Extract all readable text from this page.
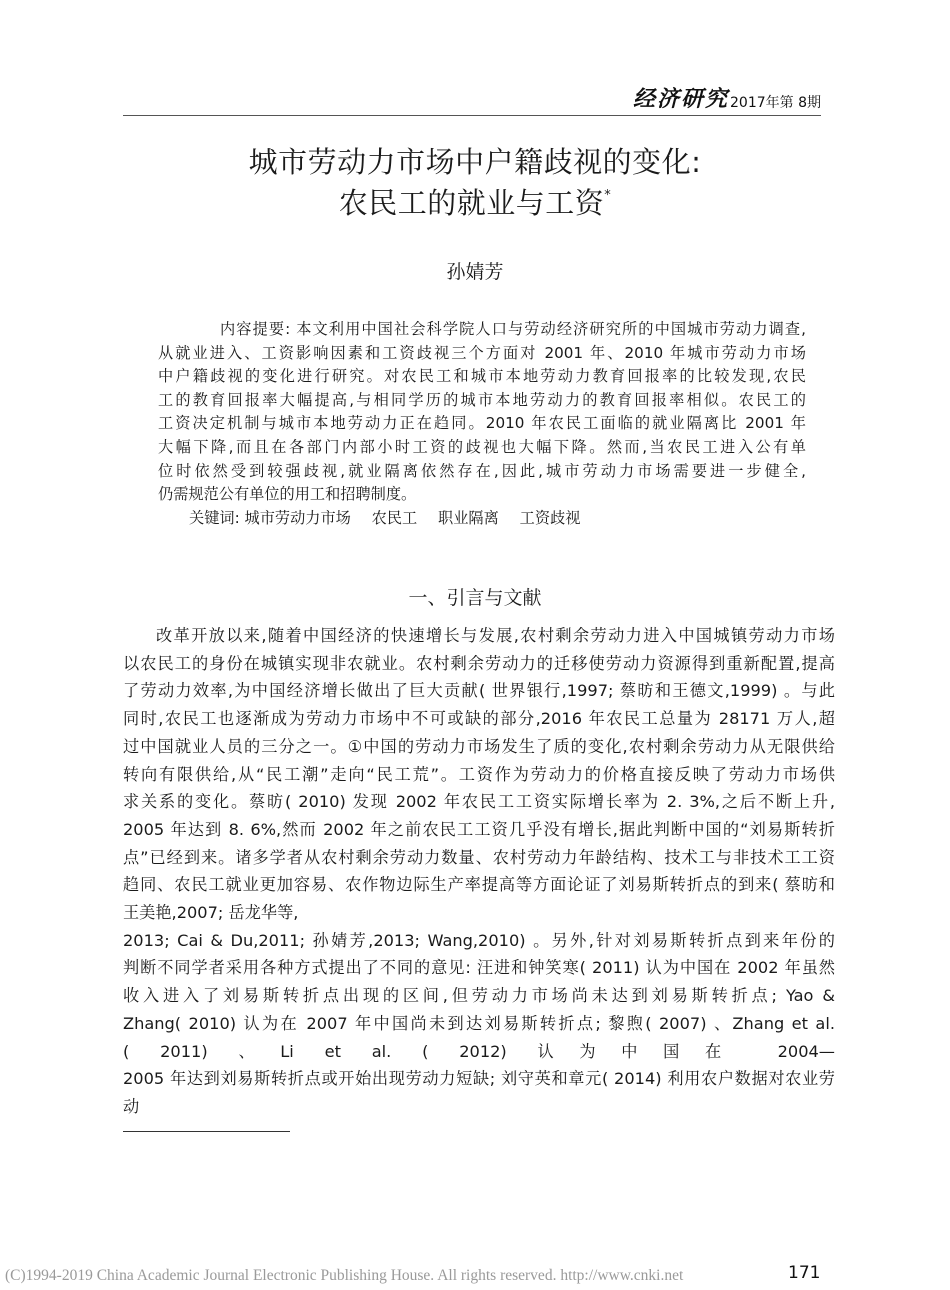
经济研究 2017年第 8期
城市劳动力市场中户籍歧视的变化:
农民工的就业与工资*
孙婧芳
内容提要: 本文利用中国社会科学院人口与劳动经济研究所的中国城市劳动力调查,
从就业进入、工资影响因素和工资歧视三个方面对 2001 年、2010 年城市劳动力市场
中户籍歧视的变化进行研究。对农民工和城市本地劳动力教育回报率的比较发现,农民
工的教育回报率大幅提高,与相同学历的城市本地劳动力的教育回报率相似。农民工的
工资决定机制与城市本地劳动力正在趋同。2010 年农民工面临的就业隔离比 2001 年
大幅下降,而且在各部门内部小时工资的歧视也大幅下降。然而,当农民工进入公有单
位时依然受到较强歧视,就业隔离依然存在,因此,城市劳动力市场需要进一步健全,
仍需规范公有单位的用工和招聘制度。
关键词: 城市劳动力市场 农民工 职业隔离 工资歧视
一、引言与文献
改革开放以来,随着中国经济的快速增长与发展,农村剩余劳动力进入中国城镇劳动力市场
以农民工的身份在城镇实现非农就业。农村剩余劳动力的迁移使劳动力资源得到重新配置,提高
了劳动力效率,为中国经济增长做出了巨大贡献( 世界银行,1997; 蔡昉和王德文,1999) 。与此
同时,农民工也逐渐成为劳动力市场中不可或缺的部分,2016 年农民工总量为 28171 万人,超
过中国就业人员的三分之一。①中国的劳动力市场发生了质的变化,农村剩余劳动力从无限供给
转向有限供给,从“民工潮”走向“民工荒”。工资作为劳动力的价格直接反映了劳动力市场供
求关系的变化。蔡昉( 2010) 发现 2002 年农民工工资实际增长率为 2. 3%,之后不断上升,
2005 年达到 8. 6%,然而 2002 年之前农民工工资几乎没有增长,据此判断中国的“刘易斯转折
点”已经到来。诸多学者从农村剩余劳动力数量、农村劳动力年龄结构、技术工与非技术工工资
趋同、农民工就业更加容易、农作物边际生产率提高等方面论证了刘易斯转折点的到来( 蔡昉和
王美艳,2007; 岳龙华等,
2013; Cai & Du,2011; 孙婧芳,2013; Wang,2010) 。另外,针对刘易斯转折点到来年份的
判断不同学者采用各种方式提出了不同的意见: 汪进和钟笑寒( 2011) 认为中国在 2002 年虽然
收入进入了刘易斯转折点出现的区间,但劳动力市场尚未达到刘易斯转折点; Yao &
Zhang( 2010) 认为在 2007 年中国尚未到达刘易斯转折点; 黎煦( 2007) 、Zhang et al.
( 2011) 、Li et al. ( 2012) 认为中国在 2004—
2005 年达到刘易斯转折点或开始出现劳动力短缺; 刘守英和章元( 2014) 利用农户数据对农业劳
动
(C)1994-2019 China Academic Journal Electronic Publishing House. All rights reserved. http://www.cnki.net	171
